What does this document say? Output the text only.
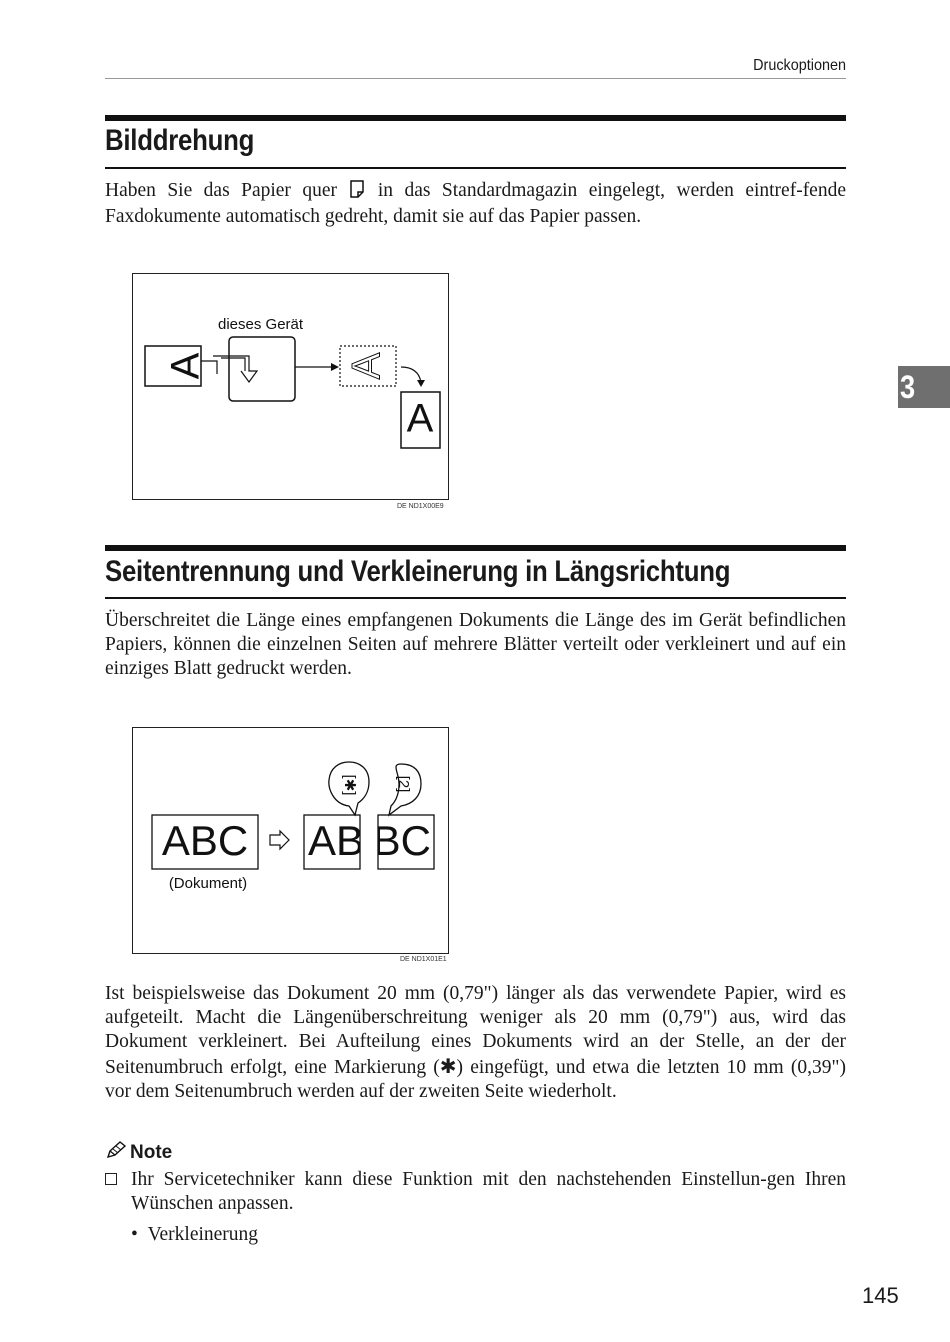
Druckoptionen
3
Bilddrehung

Haben Sie das Papier quer in das Standardmagazin eingelegt, werden eintref-fende Faxdokumente automatisch gedreht, damit sie auf das Papier passen.

dieses Gerät
A	A
A
DE ND1X00E9
Seitentrennung und Verkleinerung in Längsrichtung

Überschreitet die Länge eines empfangenen Dokuments die Länge des im Gerät befindlichen Papiers, können die einzelnen Seiten auf mehrere Blätter verteilt oder verkleinert und auf ein einziges Blatt gedruckt werden.

ABC
(Dokument)
AB BC
[✱] [2]
DE ND1X01E1

Ist beispielsweise das Dokument 20 mm (0,79") länger als das verwendete Papier, wird es aufgeteilt. Macht die Längenüberschreitung weniger als 20 mm (0,79") aus, wird das Dokument verkleinert. Bei Aufteilung eines Dokuments wird an der Stelle, an der der Seitenumbruch erfolgt, eine Markierung (✱) eingefügt, und etwa die letzten 10 mm (0,39") vor dem Seitenumbruch werden auf der zweiten Seite wiederholt.

Note
Ihr Servicetechniker kann diese Funktion mit den nachstehenden Einstellun-gen Ihren Wünschen anpassen.
•  Verkleinerung
145
